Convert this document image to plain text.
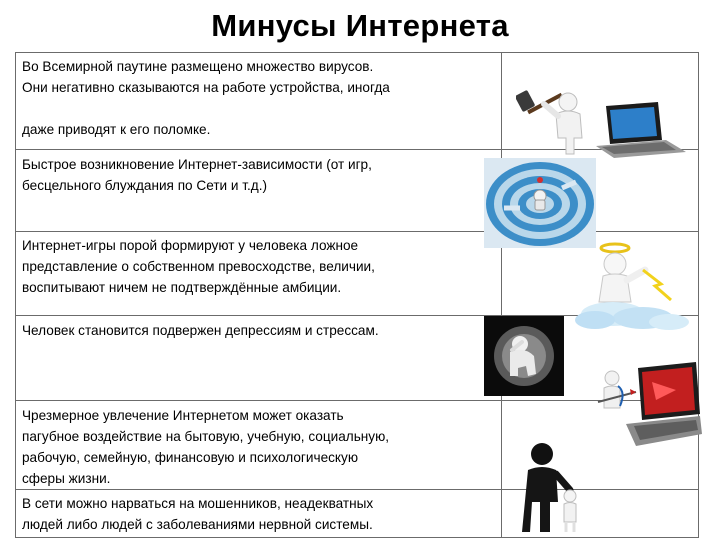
Минусы Интернета
Во Всемирной паутине размещено множество вирусов.
Они негативно сказываются на работе устройства, иногда

даже приводят к его поломке.
Быстрое возникновение Интернет-зависимости (от игр,
бесцельного блуждания по Сети и т.д.)
Интернет-игры порой формируют у человека ложное
представление о собственном превосходстве, величии,
воспитывают ничем не подтверждённые амбиции.
Человек становится подвержен депрессиям и стрессам.
Чрезмерное увлечение Интернетом может оказать
пагубное воздействие на бытовую, учебную, социальную,
рабочую, семейную, финансовую и психологическую
сферы жизни.
В сети можно нарваться на мошенников, неадекватных
людей либо людей с заболеваниями нервной системы.
